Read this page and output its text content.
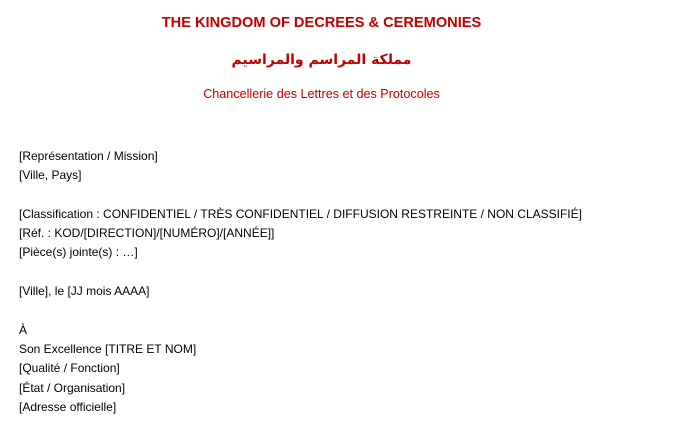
THE KINGDOM OF DECREES & CEREMONIES
مملكة المراسم والمراسيم
Chancellerie des Lettres et des Protocoles
[Représentation / Mission]
[Ville, Pays]
[Classification : CONFIDENTIEL / TRÈS CONFIDENTIEL / DIFFUSION RESTREINTE / NON CLASSIFIÉ]
[Réf. : KOD/[DIRECTION]/[NUMÉRO]/[ANNÉE]]
[Pièce(s) jointe(s) : …]
[Ville], le [JJ mois AAAA]
À
Son Excellence [TITRE ET NOM]
[Qualité / Fonction]
[État / Organisation]
[Adresse officielle]
